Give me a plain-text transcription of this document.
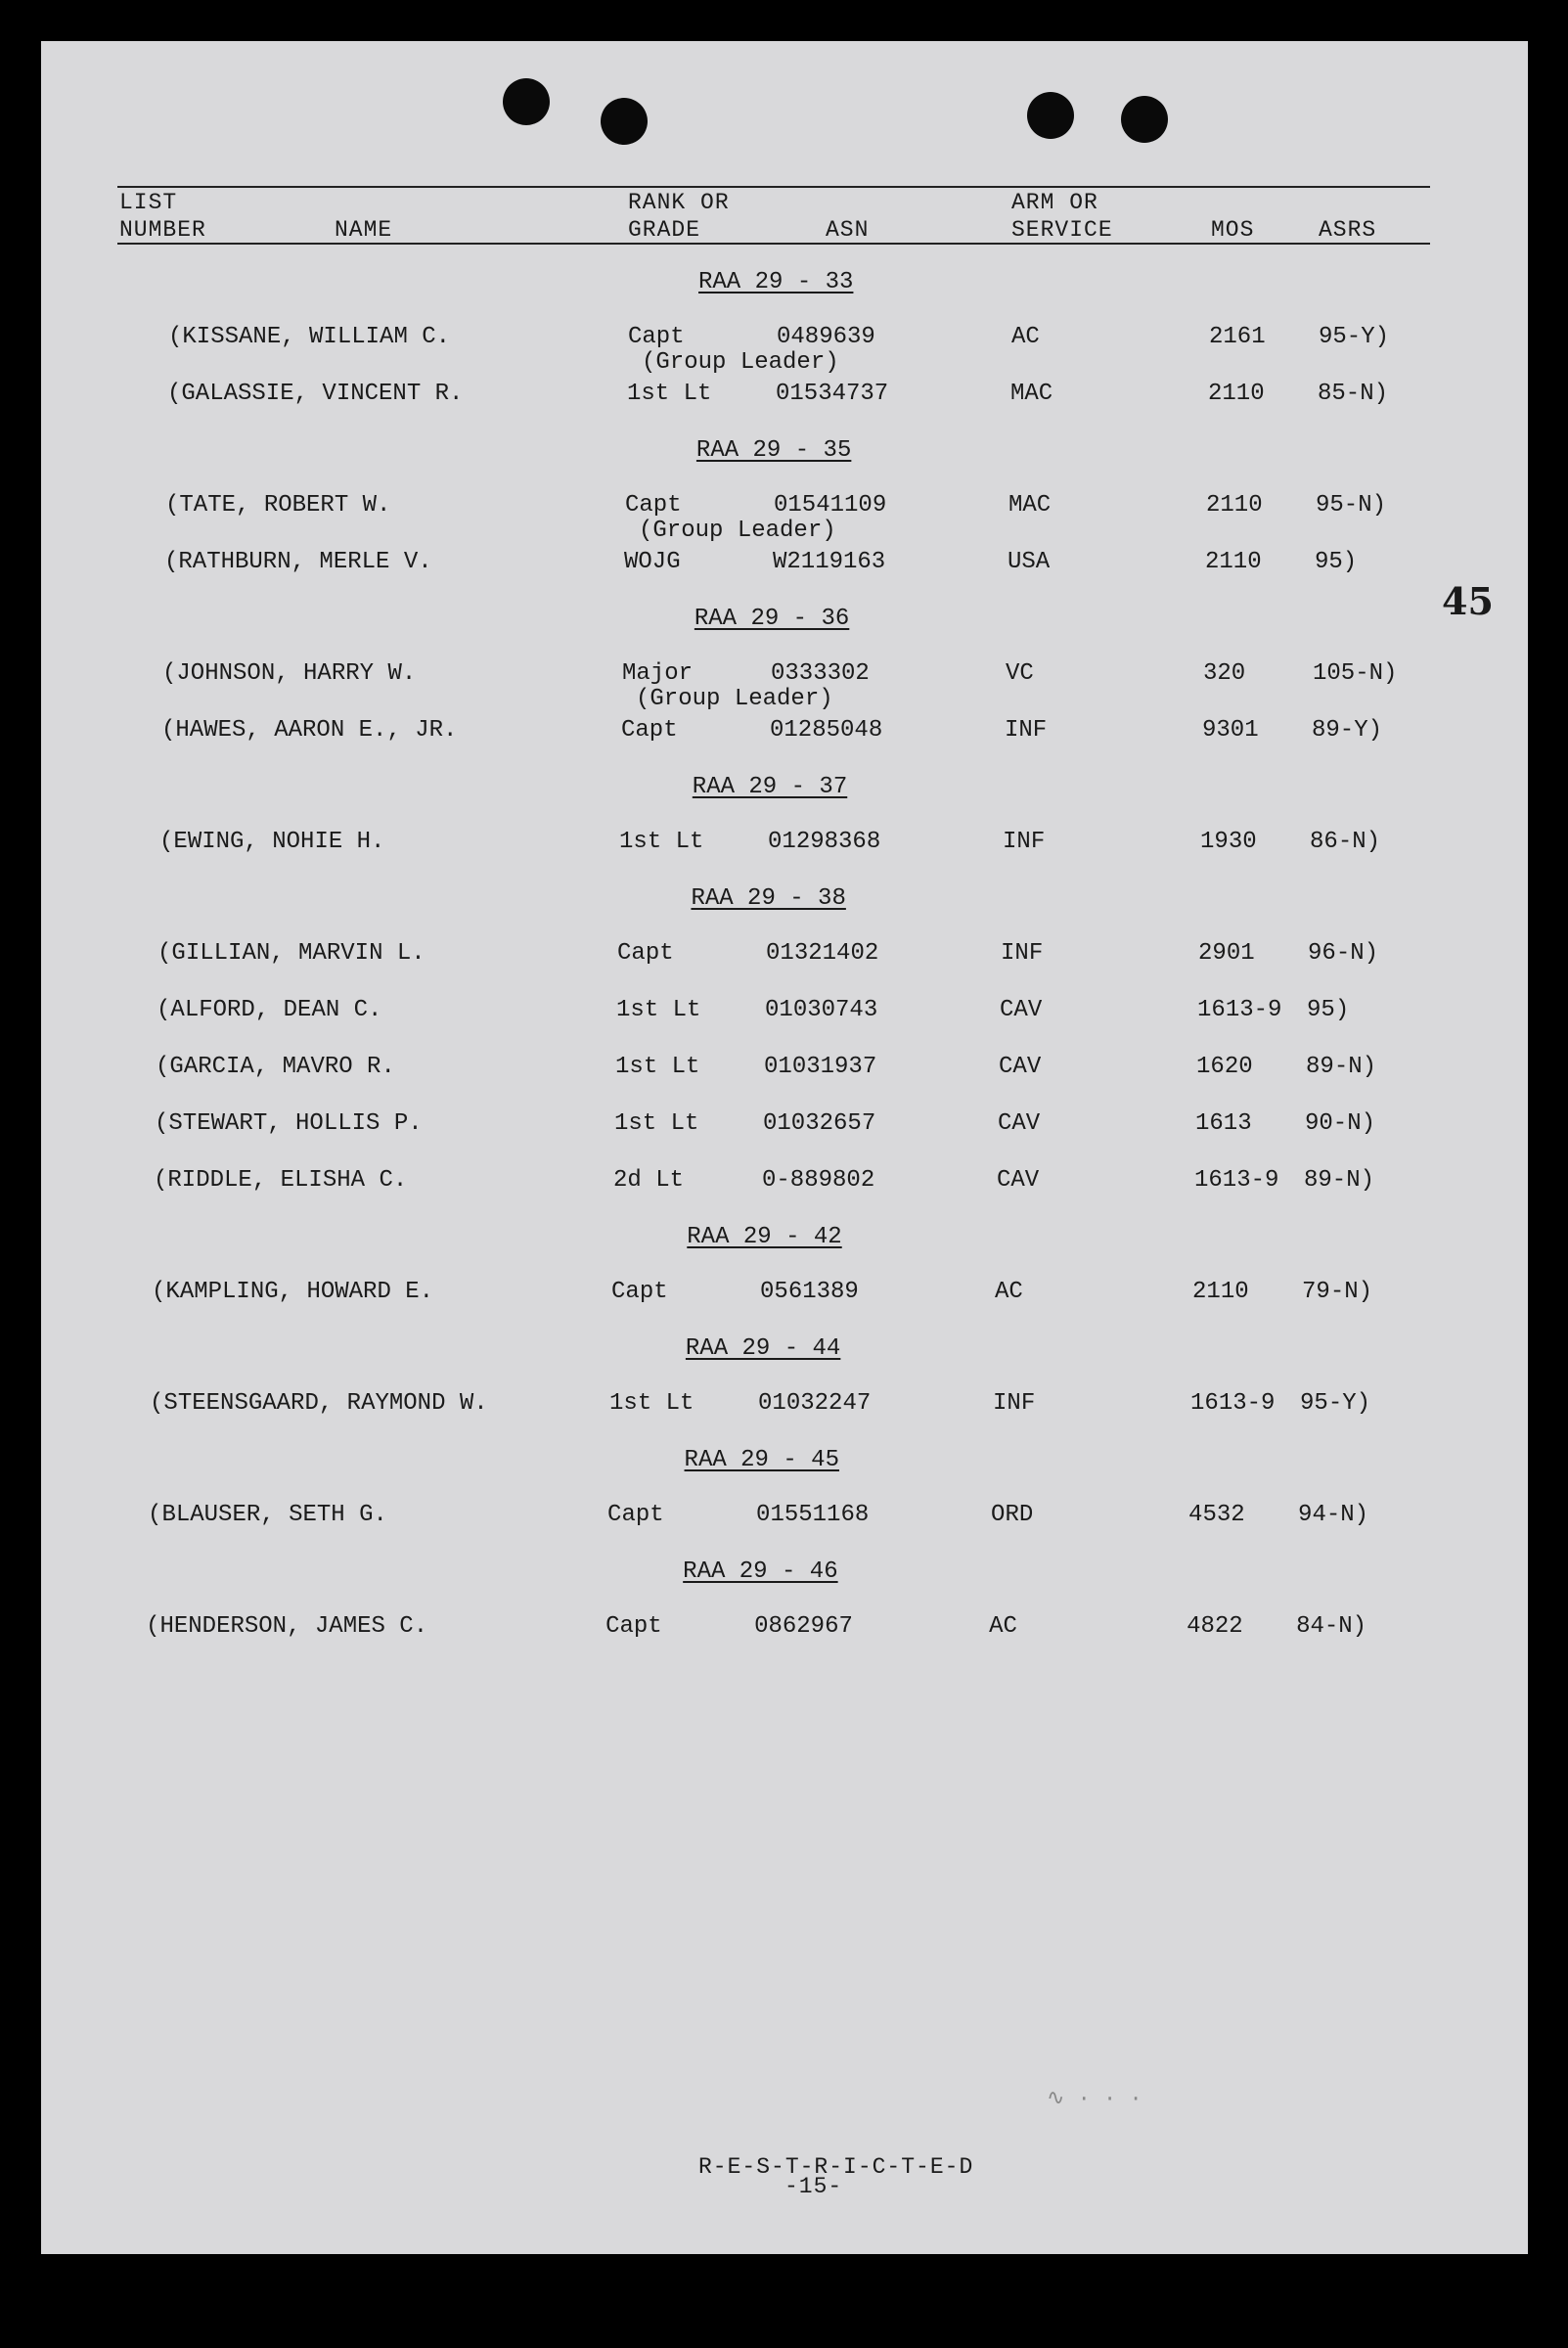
LIST
NUMBER	NAME
RANK OR
GRADE	ASN
ARM OR
SERVICE	MOS	ASRS
RAA 29 - 33
(KISSANE, WILLIAM C.	Capt	0489639	AC	2161 95-Y)
(Group Leader)
(GALASSIE, VINCENT R.	1st Lt	01534737	MAC	2110 85-N)
RAA 29 - 35
(TATE, ROBERT W.	Capt	01541109	MAC	2110 95-N)
(Group Leader)
(RATHBURN, MERLE V.	WOJG	W2119163	USA	2110 95)
RAA 29 - 36
(JOHNSON, HARRY W.	Major	0333302	VC	320	105-N)
(Group Leader)
(HAWES, AARON E., JR.	Capt	01285048	INF	9301 89-Y)
RAA 29 - 37
(EWING, NOHIE H.	1st Lt	01298368	INF	1930 86-N)
RAA 29 - 38
(GILLIAN, MARVIN L.	Capt	01321402	INF	2901 96-N)
(ALFORD, DEAN C.	1st Lt	01030743	CAV	1613-9 95)
(GARCIA, MAVRO R.	1st Lt	01031937	CAV	1620 89-N)
(STEWART, HOLLIS P.	1st Lt	01032657	CAV	1613 90-N)
(RIDDLE, ELISHA C.	2d Lt	0-889802	CAV	1613-9 89-N)
RAA 29 - 42
(KAMPLING, HOWARD E.	Capt	0561389	AC	2110 79-N)
RAA 29 - 44
(STEENSGAARD, RAYMOND W.	1st Lt	01032247	INF	1613-9 95-Y)
RAA 29 - 45
(BLAUSER, SETH G.	Capt	01551168	ORD	4532 94-N)
RAA 29 - 46
(HENDERSON, JAMES C.	Capt	0862967	AC	4822 84-N)
45
∿ · · ·
R-E-S-T-R-I-C-T-E-D
-15-
